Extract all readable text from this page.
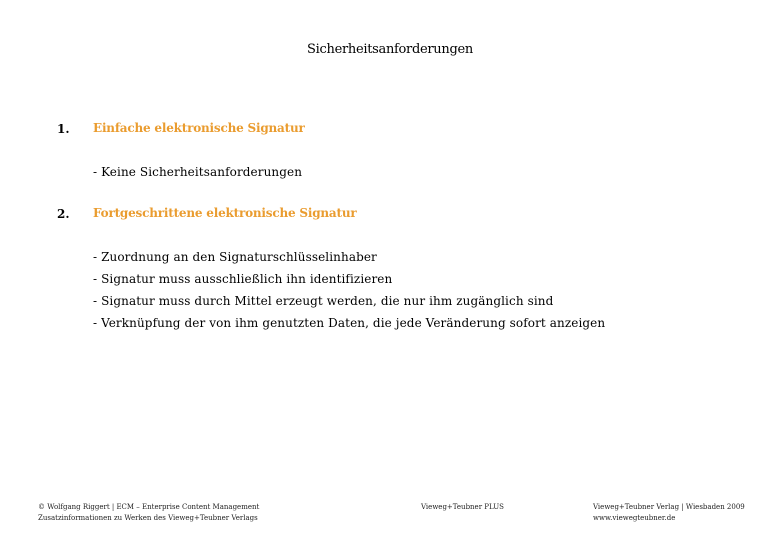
Sicherheitsanforderungen
1. Einfache elektronische Signatur
- Keine Sicherheitsanforderungen
2. Fortgeschrittene elektronische Signatur
- Zuordnung an den Signaturschlüsselinhaber
- Signatur muss ausschließlich ihn identifizieren
- Signatur muss durch Mittel erzeugt werden, die nur ihm zugänglich sind
- Verknüpfung der von ihm genutzten Daten, die jede Veränderung sofort anzeigen
© Wolfgang Riggert | ECM – Enterprise Content Management
Zusatzinformationen zu Werken des Vieweg+Teubner Verlags
Vieweg+Teubner PLUS	Vieweg+Teubner Verlag | Wiesbaden 2009
www.viewegteubner.de
